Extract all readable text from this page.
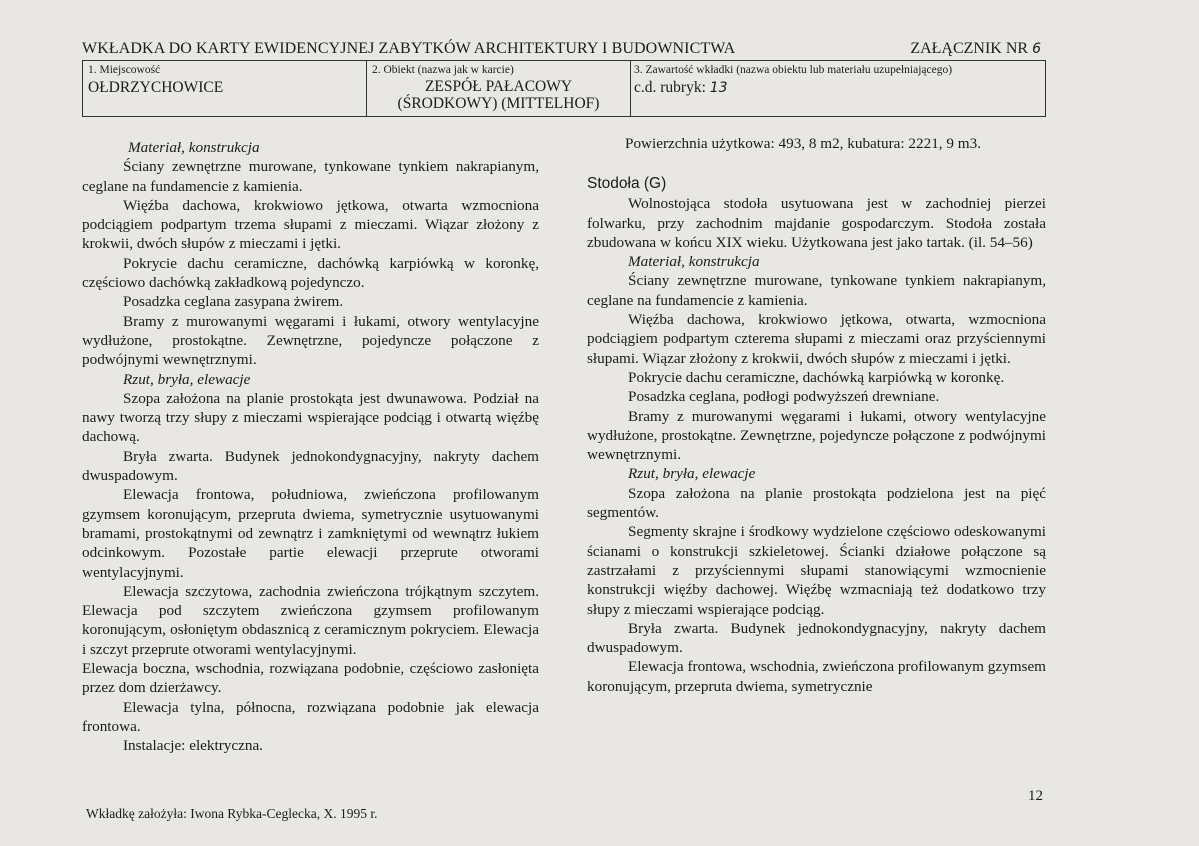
WKŁADKA DO KARTY EWIDENCYJNEJ ZABYTKÓW ARCHITEKTURY I BUDOWNICTWA	ZAŁĄCZNIK NR 6
1. Miejscowość
OŁDRZYCHOWICE
2. Obiekt (nazwa jak w karcie)
ZESPÓŁ PAŁACOWY
(ŚRODKOWY) (MITTELHOF)
3. Zawartość wkładki (nazwa obiektu lub materiału uzupełniającego)
c.d. rubryk: 13

Materiał, konstrukcja

Ściany zewnętrzne murowane, tynkowane tynkiem nakrapianym, ceglane na fundamencie z kamienia.

Więźba dachowa, krokwiowo jętkowa, otwarta wzmocniona podciągiem podpartym trzema słupami z mieczami. Wiązar złożony z krokwii, dwóch słupów z mieczami i jętki.

Pokrycie dachu ceramiczne, dachówką karpiówką w koronkę, częściowo dachówką zakładkową pojedynczo.

Posadzka ceglana zasypana żwirem.

Bramy z murowanymi węgarami i łukami, otwory wentylacyjne wydłużone, prostokątne. Zewnętrzne, pojedyncze połączone z podwójnymi wewnętrznymi.

Rzut, bryła, elewacje

Szopa założona na planie prostokąta jest dwunawowa. Podział na nawy tworzą trzy słupy z mieczami wspierające podciąg i otwartą więźbę dachową.

Bryła zwarta. Budynek jednokondygnacyjny, nakryty dachem dwuspadowym.

Elewacja frontowa, południowa, zwieńczona profilowanym gzymsem koronującym, przepruta dwiema, symetrycznie usytuowanymi bramami, prostokątnymi od zewnątrz i zamkniętymi od wewnątrz łukiem odcinkowym. Pozostałe partie elewacji przeprute otworami wentylacyjnymi.

Elewacja szczytowa, zachodnia zwieńczona trójkątnym szczytem. Elewacja pod szczytem zwieńczona gzymsem profilowanym koronującym, osłoniętym obdasznicą z ceramicznym pokryciem. Elewacja i szczyt przeprute otworami wentylacyjnymi.

Elewacja boczna, wschodnia, rozwiązana podobnie, częściowo zasłonięta przez dom dzierżawcy.

Elewacja tylna, północna, rozwiązana podobnie jak elewacja frontowa.

Instalacje: elektryczna.

Powierzchnia użytkowa: 493, 8 m2, kubatura: 2221, 9 m3.
Stodoła (G)

Wolnostojąca stodoła usytuowana jest w zachodniej pierzei folwarku, przy zachodnim majdanie gospodarczym. Stodoła została zbudowana w końcu XIX wieku. Użytkowana jest jako tartak. (il. 54–56)

Materiał, konstrukcja

Ściany zewnętrzne murowane, tynkowane tynkiem nakrapianym, ceglane na fundamencie z kamienia.

Więźba dachowa, krokwiowo jętkowa, otwarta, wzmocniona podciągiem podpartym czterema słupami z mieczami oraz przyściennymi słupami. Wiązar złożony z krokwii, dwóch słupów z mieczami i jętki.

Pokrycie dachu ceramiczne, dachówką karpiówką w koronkę.

Posadzka ceglana, podłogi podwyższeń drewniane.

Bramy z murowanymi węgarami i łukami, otwory wentylacyjne wydłużone, prostokątne. Zewnętrzne, pojedyncze połączone z podwójnymi wewnętrznymi.

Rzut, bryła, elewacje

Szopa założona na planie prostokąta podzielona jest na pięć segmentów.

Segmenty skrajne i środkowy wydzielone częściowo odeskowanymi ścianami o konstrukcji szkieletowej. Ścianki działowe połączone są zastrzałami z przyściennymi słupami stanowiącymi wzmocnienie konstrukcji więźby dachowej. Więźbę wzmacniają też dodatkowo trzy słupy z mieczami wspierające podciąg.

Bryła zwarta. Budynek jednokondygnacyjny, nakryty dachem dwuspadowym.

Elewacja frontowa, wschodnia, zwieńczona profilowanym gzymsem koronującym, przepruta dwiema, symetrycznie

Wkładkę założyła: Iwona Rybka-Ceglecka, X. 1995 r.
12
